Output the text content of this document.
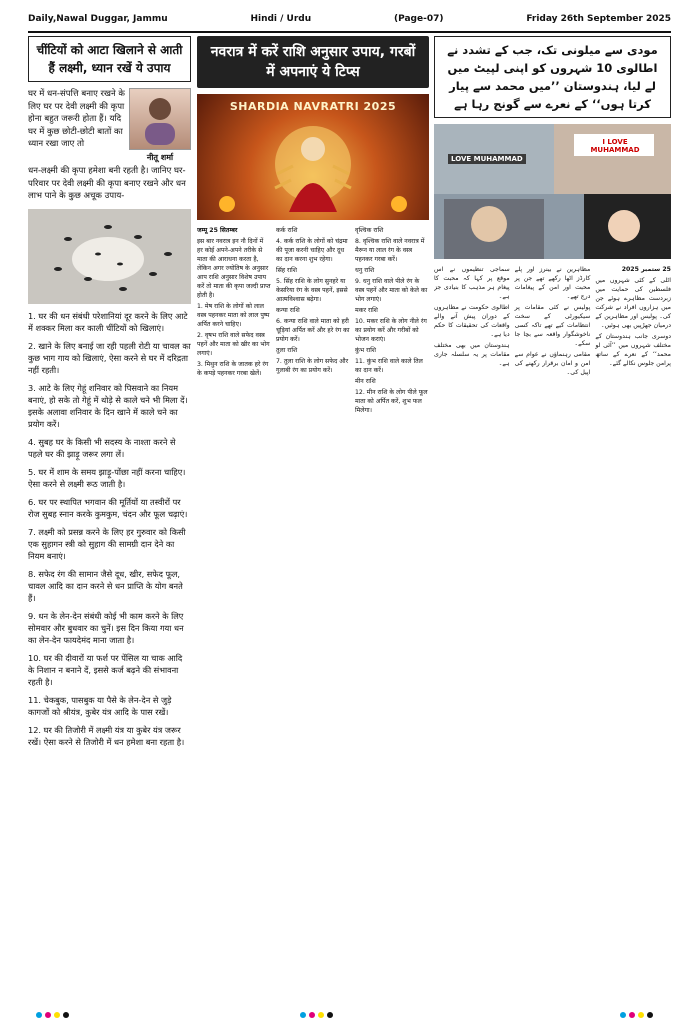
Daily,Nawal Duggar, Jammu	Hindi / Urdu	(Page-07)	Friday 26th September 2025
चींटियों को आटा खिलाने से आती हैं लक्ष्मी, ध्यान रखें ये उपाय
घर में धन-संपत्ति बनाए रखने के लिए घर पर देवी लक्ष्मी की कृपा होना बहुत जरूरी होता हैं। यदि घर में कुछ छोटी-छोटी बातों का ध्यान रखा जाए तो
नीतू शर्मा
धन-लक्ष्मी की कृपा हमेशा बनी रहती है। जानिए घर-परिवार पर देवी लक्ष्मी की कृपा बनाए रखने और धन लाभ पाने के कुछ अचूक उपाय-

1. घर की धन संबंधी परेशानियां दूर करने के लिए आटे में शक्कर मिला कर काली चींटियों को खिलाएं।

2. खाने के लिए बनाई जा रही पहली रोटी या चावल का कुछ भाग गाय को खिलाएं, ऐसा करने से घर में दरिद्रता नहीं रहती।

3. आटे के लिए गेहूं शनिवार को पिसवाने का नियम बनाएं, हो सके तो गेहूं में थोड़े से काले चने भी मिला दें। इसके अलावा शनिवार के दिन खाने में काले चने का प्रयोग करें।

4. सुबह घर के किसी भी सदस्य के नाश्ता करने से पहले घर की झाड़ू जरूर लगा लें।

5. घर में शाम के समय झाड़ू-पोंछा नहीं करना चाहिए। ऐसा करने से लक्ष्मी रूठ जाती है।

6. घर पर स्थापित भगवान की मूर्तियों या तस्वीरों पर रोज सुबह स्नान करके कुमकुम, चंदन और फूल चढ़ाएं।

7. लक्ष्मी को प्रसन्न करने के लिए हर गुरुवार को किसी एक सुहागन स्त्री को सुहाग की सामग्री दान देने का नियम बनाएं।

8. सफेद रंग की सामान जैसे दूध, खीर, सफेद फूल, चावल आदि का दान करने से धन प्राप्ति के योग बनते हैं।

9. धन के लेन-देन संबंधी कोई भी काम करने के लिए सोमवार और बुधवार का चुनें। इस दिन किया गया धन का लेन-देन फायदेमंद माना जाता है।

10. घर की दीवारों या फर्श पर पेंसिल या चाक आदि के निशान न बनाने दें, इससे कर्ज बढ़ने की संभावना रहती है।

11. चेकबुक, पासबुक या पैसे के लेन-देन से जुड़े कागजों को श्रीयंत्र, कुबेर यंत्र आदि के पास रखें।

12. घर की तिजोरी में लक्ष्मी यंत्र या कुबेर यंत्र जरूर रखें। ऐसा करने से तिजोरी में धन हमेशा बना रहता है।

नवरात्र में करें राशि अनुसार उपाय, गरबों में अपनाएं ये टिप्स
SHARDIA NAVRATRI 2025

जम्मू 25 सितम्बर

इस बार नवरात्र इन नौ दिनों में हर कोई अपने-अपने तरीके से माता की आराधना करता है, लेकिन अगर ज्योतिष के अनुसार आप राशि अनुसार विशेष उपाय करें तो माता की कृपा जल्दी प्राप्त होती है।

1. मेष राशि के लोगों को लाल वस्त्र पहनकर माता को लाल पुष्प अर्पित करने चाहिए।

2. वृषभ राशि वाले सफेद वस्त्र पहनें और माता को खीर का भोग लगाएं।

3. मिथुन राशि के जातक हरे रंग के कपड़े पहनकर गरबा खेलें।

कर्क राशि

4. कर्क राशि के लोगों को चंद्रमा की पूजा करनी चाहिए और दूध का दान करना शुभ रहेगा।

सिंह राशि

5. सिंह राशि के लोग सुनहरे या केसरिया रंग के वस्त्र पहनें, इससे आत्मविश्वास बढ़ेगा।

कन्या राशि

6. कन्या राशि वाले माता को हरी चूड़ियां अर्पित करें और हरे रंग का प्रयोग करें।

तुला राशि

7. तुला राशि के लोग सफेद और गुलाबी रंग का प्रयोग करें।

वृश्चिक राशि

8. वृश्चिक राशि वाले नवरात्र में मैरून या लाल रंग के वस्त्र पहनकर गरबा करें।

धनु राशि

9. धनु राशि वाले पीले रंग के वस्त्र पहनें और माता को केले का भोग लगाएं।

मकर राशि

10. मकर राशि के लोग नीले रंग का प्रयोग करें और गरीबों को भोजन कराएं।

कुंभ राशि

11. कुंभ राशि वाले काले तिल का दान करें।

मीन राशि

12. मीन राशि के लोग पीले फूल माता को अर्पित करें, शुभ फल मिलेगा।

مودی سے میلونی تک، جب کے تشدد نے اطالوی 10 شہروں کو اپنی لپیٹ میں لے لیا، ہندوستان ’’میں محمد سے پیار کرتا ہوں‘‘ کے نعرے سے گونج رہا ہے
I LOVE MUHAMMAD
LOVE MUHAMMAD

25 ستمبر 2025

اٹلی کے کئی شہروں میں فلسطین کی حمایت میں زبردست مظاہرے ہوئے جن میں ہزاروں افراد نے شرکت کی۔ پولیس اور مظاہرین کے درمیان جھڑپیں بھی ہوئیں۔

دوسری جانب ہندوستان کے مختلف شہروں میں ’’آئی لو محمد‘‘ کے نعرے کے ساتھ پرامن جلوس نکالے گئے۔

مظاہرین نے بینرز اور پلے کارڈز اٹھا رکھے تھے جن پر محبت اور امن کے پیغامات درج تھے۔

پولیس نے کئی مقامات پر سیکیورٹی کے سخت انتظامات کیے تھے تاکہ کسی ناخوشگوار واقعہ سے بچا جا سکے۔

مقامی رہنماؤں نے عوام سے امن و امان برقرار رکھنے کی اپیل کی۔

سماجی تنظیموں نے اس موقع پر کہا کہ محبت کا پیغام ہر مذہب کا بنیادی جز ہے۔

اطالوی حکومت نے مظاہروں کے دوران پیش آنے والے واقعات کی تحقیقات کا حکم دیا ہے۔

ہندوستان میں بھی مختلف مقامات پر یہ سلسلہ جاری ہے۔
